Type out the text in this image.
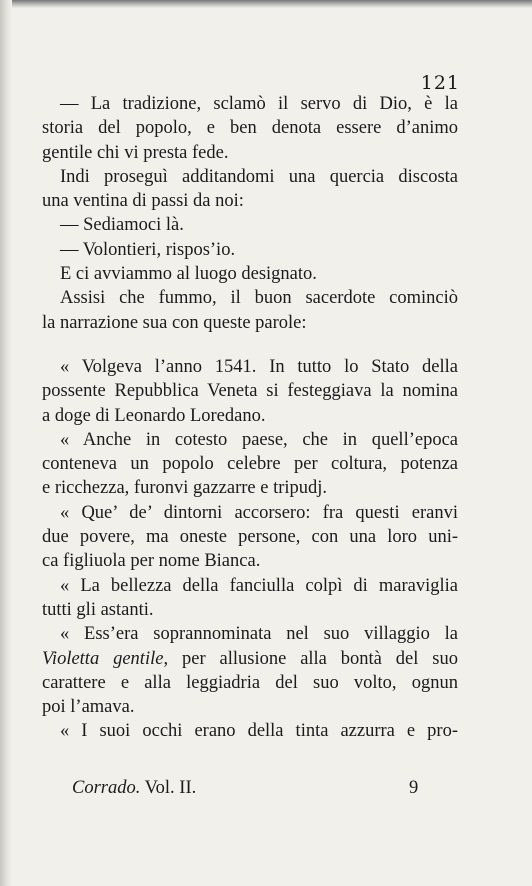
121
— La tradizione, sclamò il servo di Dio, è la
storia del popolo, e ben denota essere d’animo
gentile chi vi presta fede.
Indi proseguì additandomi una quercia discosta
una ventina di passi da noi:
— Sediamoci là.
— Volontieri, rispos’io.
E ci avviammo al luogo designato.
Assisi che fummo, il buon sacerdote cominciò
la narrazione sua con queste parole:
« Volgeva l’anno 1541. In tutto lo Stato della
possente Repubblica Veneta si festeggiava la nomina
a doge di Leonardo Loredano.
« Anche in cotesto paese, che in quell’epoca
conteneva un popolo celebre per coltura, potenza
e ricchezza, furonvi gazzarre e tripudj.
« Que’ de’ dintorni accorsero: fra questi eranvi
due povere, ma oneste persone, con una loro uni-
ca figliuola per nome Bianca.
« La bellezza della fanciulla colpì di maraviglia
tutti gli astanti.
« Ess’era soprannominata nel suo villaggio la
Violetta gentile, per allusione alla bontà del suo
carattere e alla leggiadria del suo volto, ognun
poi l’amava.
« I suoi occhi erano della tinta azzurra e pro-
Corrado. Vol. II.	9
